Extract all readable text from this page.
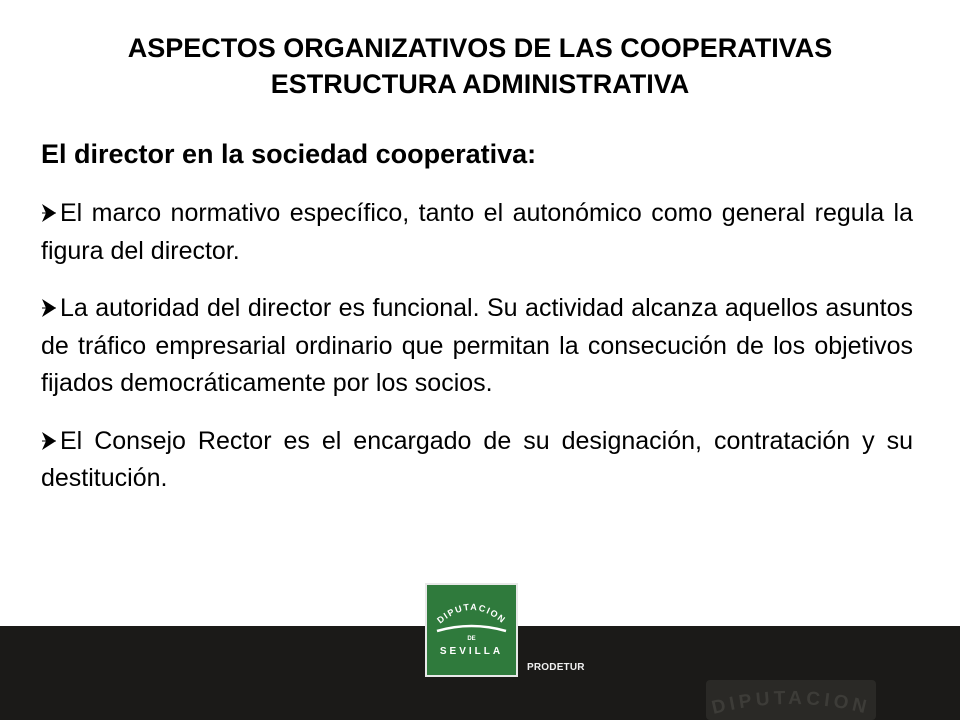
ASPECTOS ORGANIZATIVOS DE LAS COOPERATIVAS
ESTRUCTURA ADMINISTRATIVA
El director en la sociedad cooperativa:
El marco normativo específico, tanto el autonómico como general regula la figura del director.
La autoridad del director es funcional. Su actividad alcanza aquellos asuntos de tráfico empresarial ordinario que permitan la consecución de los objetivos fijados democráticamente por los socios.
El Consejo Rector es el encargado de su designación, contratación y su destitución.
DIPUTACION
DE
SEVILLA
PRODETUR
DIPUTACION
